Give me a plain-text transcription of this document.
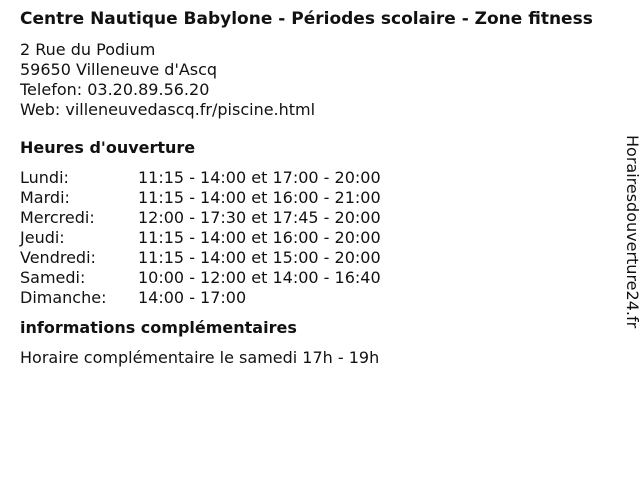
Centre Nautique Babylone - Périodes scolaire - Zone fitness
2 Rue du Podium
59650 Villeneuve d'Ascq
Telefon: 03.20.89.56.20
Web: villeneuvedascq.fr/piscine.html
Heures d'ouverture
Lundi:	11:15 - 14:00 et 17:00 - 20:00
Mardi:	11:15 - 14:00 et 16:00 - 21:00
Mercredi:	12:00 - 17:30 et 17:45 - 20:00
Jeudi:	11:15 - 14:00 et 16:00 - 20:00
Vendredi:	11:15 - 14:00 et 15:00 - 20:00
Samedi:	10:00 - 12:00 et 14:00 - 16:40
Dimanche:	14:00 - 17:00
informations complémentaires
Horaire complémentaire le samedi 17h - 19h
Horairesdouverture24.fr
